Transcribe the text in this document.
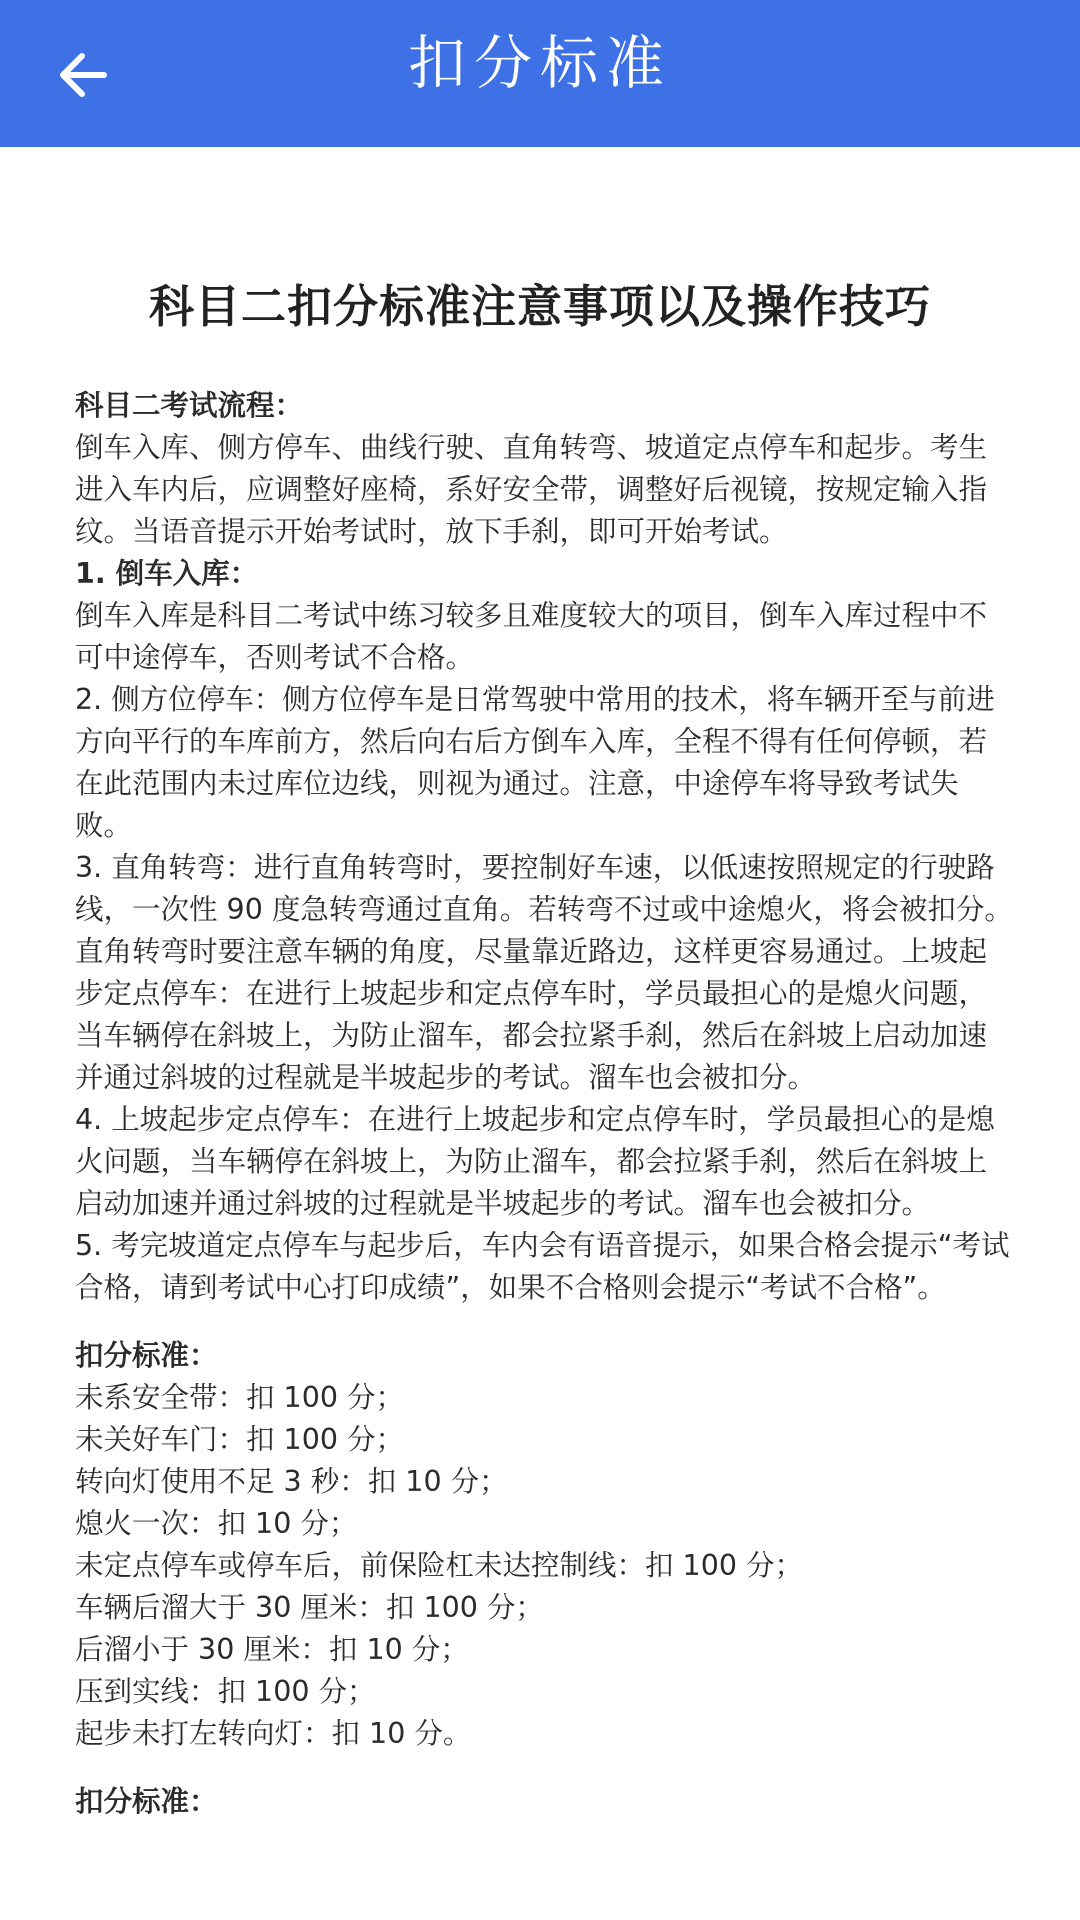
扣分标准
科目二扣分标准注意事项以及操作技巧

科目二考试流程：

倒车入库、侧方停车、曲线行驶、直角转弯、坡道定点停车和起步。考生进入车内后，应调整好座椅，系好安全带，调整好后视镜，按规定输入指纹。当语音提示开始考试时，放下手刹，即可开始考试。

1. 倒车入库：

倒车入库是科目二考试中练习较多且难度较大的项目，倒车入库过程中不可中途停车，否则考试不合格。

2. 侧方位停车：侧方位停车是日常驾驶中常用的技术，将车辆开至与前进方向平行的车库前方，然后向右后方倒车入库，全程不得有任何停顿，若在此范围内未过库位边线，则视为通过。注意，中途停车将导致考试失败。

3. 直角转弯：进行直角转弯时，要控制好车速，以低速按照规定的行驶路线，一次性 90 度急转弯通过直角。若转弯不过或中途熄火，将会被扣分。直角转弯时要注意车辆的角度，尽量靠近路边，这样更容易通过。上坡起步定点停车：在进行上坡起步和定点停车时，学员最担心的是熄火问题，当车辆停在斜坡上，为防止溜车，都会拉紧手刹，然后在斜坡上启动加速并通过斜坡的过程就是半坡起步的考试。溜车也会被扣分。

4. 上坡起步定点停车：在进行上坡起步和定点停车时，学员最担心的是熄火问题，当车辆停在斜坡上，为防止溜车，都会拉紧手刹，然后在斜坡上启动加速并通过斜坡的过程就是半坡起步的考试。溜车也会被扣分。

5. 考完坡道定点停车与起步后，车内会有语音提示，如果合格会提示“考试合格，请到考试中心打印成绩”，如果不合格则会提示“考试不合格”。

扣分标准：

未系安全带：扣 100 分；

未关好车门：扣 100 分；

转向灯使用不足 3 秒：扣 10 分；

熄火一次：扣 10 分；

未定点停车或停车后，前保险杠未达控制线：扣 100 分；

车辆后溜大于 30 厘米：扣 100 分；

后溜小于 30 厘米：扣 10 分；

压到实线：扣 100 分；

起步未打左转向灯：扣 10 分。

扣分标准：
